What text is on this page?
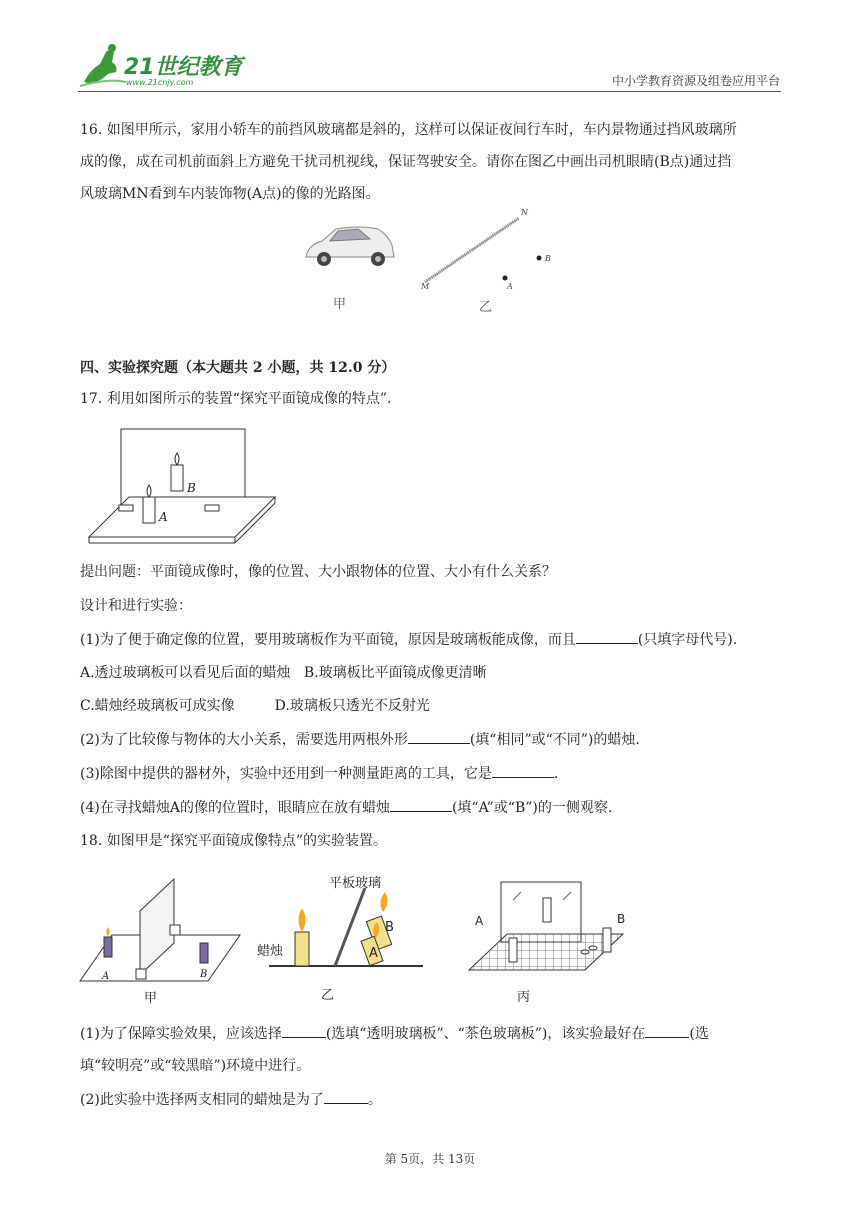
21世纪教育
www.21cnjy.com	中小学教育资源及组卷应用平台
16. 如图甲所示，家用小轿车的前挡风玻璃都是斜的，这样可以保证夜间行车时，车内景物通过挡风玻璃所
成的像，成在司机前面斜上方避免干扰司机视线，保证驾驶安全。请你在图乙中画出司机眼睛(B点)通过挡
风玻璃MN看到车内装饰物(A点)的像的光路图。
甲
N
M	A
B
乙
四、实验探究题（本大题共 2 小题，共 12.0 分）
17. 利用如图所示的装置“探究平面镜成像的特点”.
A
B
提出问题：平面镜成像时，像的位置、大小跟物体的位置、大小有什么关系？
设计和进行实验：
(1)为了便于确定像的位置，要用玻璃板作为平面镜，原因是玻璃板能成像，而且	(只填字母代号).
A.透过玻璃板可以看见后面的蜡烛 B.玻璃板比平面镜成像更清晰
C.蜡烛经玻璃板可成实像	D.玻璃板只透光不反射光
(2)为了比较像与物体的大小关系，需要选用两根外形	(填“相同”或“不同”)的蜡烛.
(3)除图中提供的器材外，实验中还用到一种测量距离的工具，它是	.
(4)在寻找蜡烛A的像的位置时，眼睛应在放有蜡烛	(填“A”或“B”)的一侧观察.
18. 如图甲是“探究平面镜成像特点”的实验装置。
A	B
甲
平板玻璃
蜡烛
B
A
乙
A	B
丙
(1)为了保障实验效果，应该选择	(选填“透明玻璃板”、“茶色玻璃板”)，该实验最好在	(选
填“较明亮”或“较黑暗”)环境中进行。
(2)此实验中选择两支相同的蜡烛是为了	。
第 5页，共 13页
